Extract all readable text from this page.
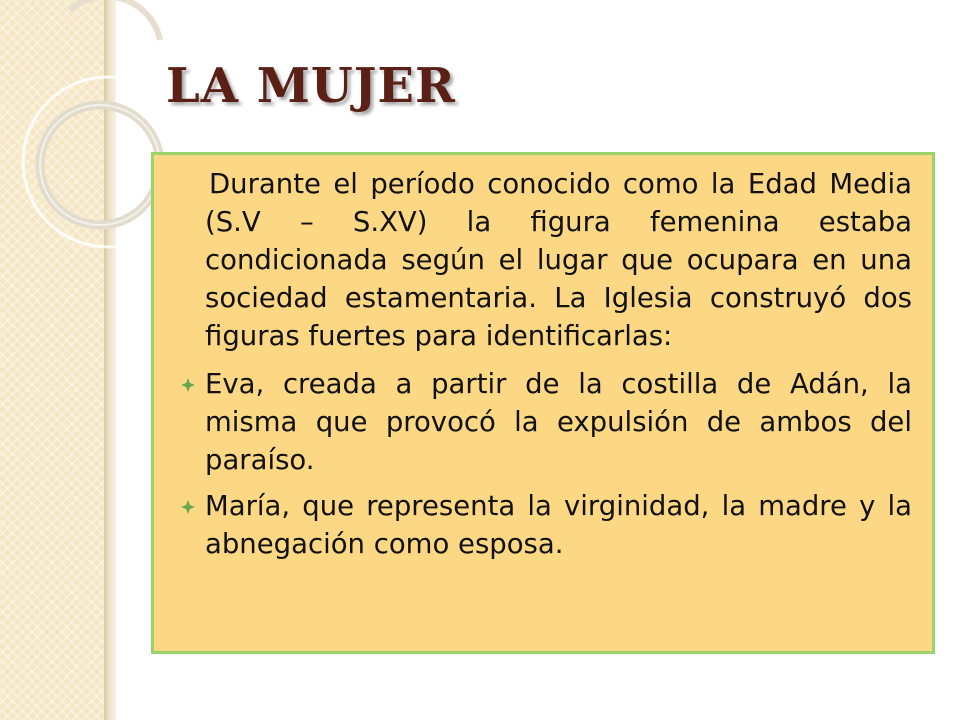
LA MUJER

Durante el período conocido como la Edad Media (S.V – S.XV) la figura femenina estaba condicionada según el lugar que ocupara en una sociedad estamentaria. La Iglesia construyó dos figuras fuertes para identificarlas:

Eva, creada a partir de la costilla de Adán, la misma que provocó la expulsión de ambos del paraíso.

María, que representa la virginidad, la madre y la abnegación como esposa.
